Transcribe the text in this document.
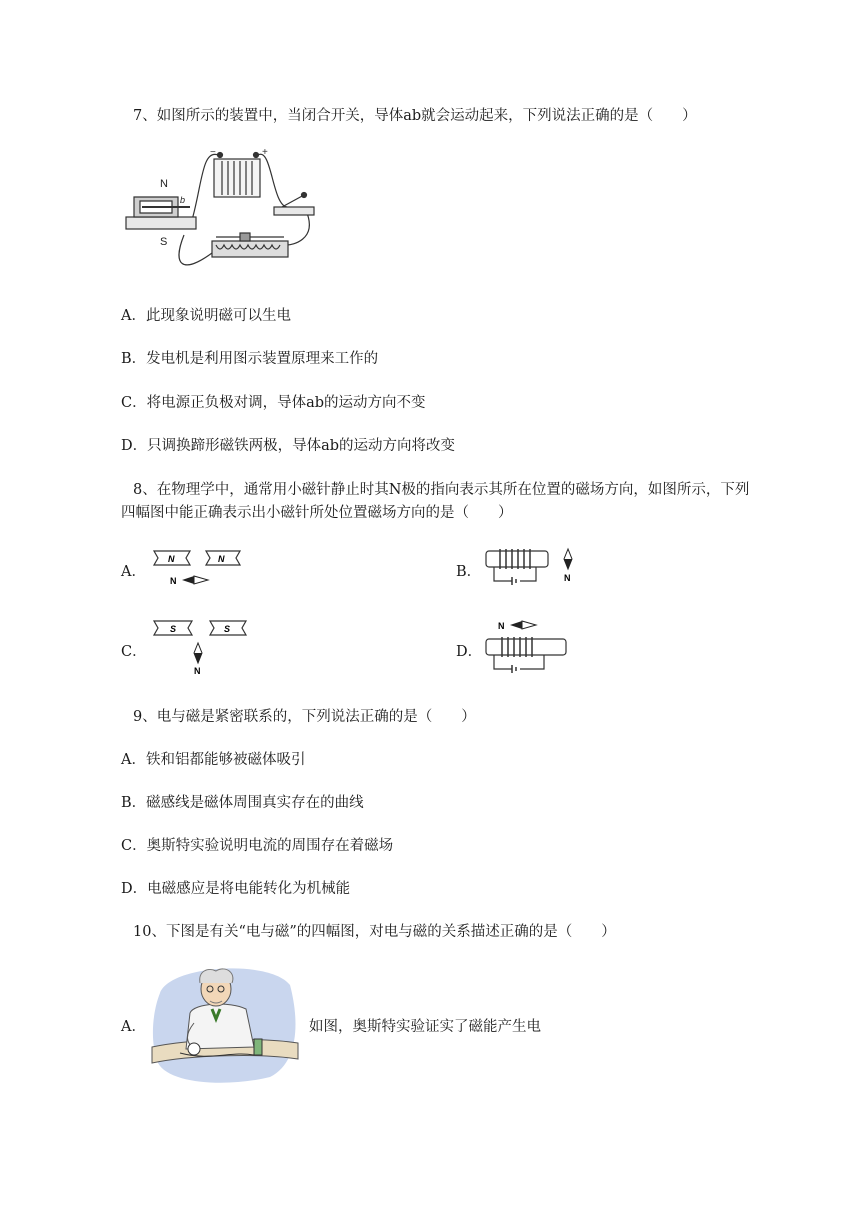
7、如图所示的装置中，当闭合开关，导体ab就会运动起来，下列说法正确的是（　　）
−	+
N
S
b
A．此现象说明磁可以生电
B．发电机是利用图示装置原理来工作的
C．将电源正负极对调，导体ab的运动方向不变
D．只调换蹄形磁铁两极，导体ab的运动方向将改变
8、在物理学中，通常用小磁针静止时其N极的指向表示其所在位置的磁场方向，如图所示，下列
四幅图中能正确表示出小磁针所处位置磁场方向的是（　　）
A．
N	N
N
B．	N
C．
S	S
N
D．
N
9、电与磁是紧密联系的，下列说法正确的是（　　）
A．铁和铝都能够被磁体吸引
B．磁感线是磁体周围真实存在的曲线
C．奥斯特实验说明电流的周围存在着磁场
D．电磁感应是将电能转化为机械能
10、下图是有关“电与磁”的四幅图，对电与磁的关系描述正确的是（　　）
A．	如图，奥斯特实验证实了磁能产生电
